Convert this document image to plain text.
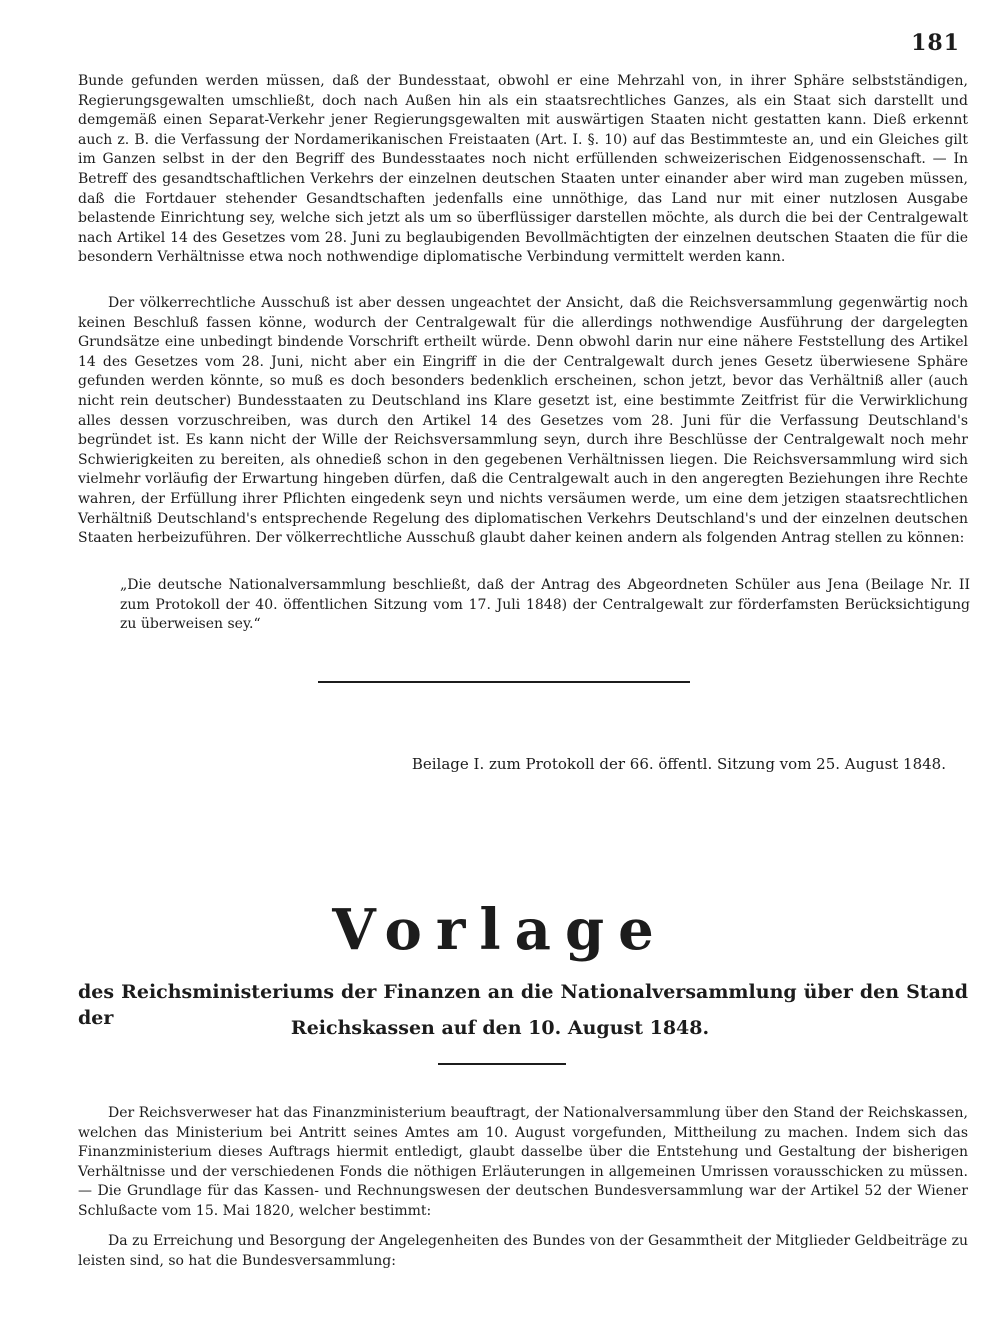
181

Bunde gefunden werden müssen, daß der Bundesstaat, obwohl er eine Mehrzahl von, in ihrer Sphäre selbstständigen, Regierungsgewalten umschließt, doch nach Außen hin als ein staatsrechtliches Ganzes, als ein Staat sich darstellt und demgemäß einen Separat-Verkehr jener Regierungsgewalten mit auswärtigen Staaten nicht gestatten kann. Dieß erkennt auch z. B. die Verfassung der Nordamerikanischen Freistaaten (Art. I. §. 10) auf das Bestimmteste an, und ein Gleiches gilt im Ganzen selbst in der den Begriff des Bundesstaates noch nicht erfüllenden schweizerischen Eidgenossenschaft. — In Betreff des gesandtschaftlichen Verkehrs der einzelnen deutschen Staaten unter einander aber wird man zugeben müssen, daß die Fortdauer stehender Gesandtschaften jedenfalls eine unnöthige, das Land nur mit einer nutzlosen Ausgabe belastende Einrichtung sey, welche sich jetzt als um so überflüssiger darstellen möchte, als durch die bei der Centralgewalt nach Artikel 14 des Gesetzes vom 28. Juni zu beglaubigenden Bevollmächtigten der einzelnen deutschen Staaten die für die besondern Verhältnisse etwa noch nothwendige diplomatische Verbindung vermittelt werden kann.

Der völkerrechtliche Ausschuß ist aber dessen ungeachtet der Ansicht, daß die Reichsversammlung gegenwärtig noch keinen Beschluß fassen könne, wodurch der Centralgewalt für die allerdings nothwendige Ausführung der dargelegten Grundsätze eine unbedingt bindende Vorschrift ertheilt würde. Denn obwohl darin nur eine nähere Feststellung des Artikel 14 des Gesetzes vom 28. Juni, nicht aber ein Eingriff in die der Centralgewalt durch jenes Gesetz überwiesene Sphäre gefunden werden könnte, so muß es doch besonders bedenklich erscheinen, schon jetzt, bevor das Verhältniß aller (auch nicht rein deutscher) Bundesstaaten zu Deutschland ins Klare gesetzt ist, eine bestimmte Zeitfrist für die Verwirklichung alles dessen vorzuschreiben, was durch den Artikel 14 des Gesetzes vom 28. Juni für die Verfassung Deutschland's begründet ist. Es kann nicht der Wille der Reichsversammlung seyn, durch ihre Beschlüsse der Centralgewalt noch mehr Schwierigkeiten zu bereiten, als ohnedieß schon in den gegebenen Verhältnissen liegen. Die Reichsversammlung wird sich vielmehr vorläufig der Erwartung hingeben dürfen, daß die Centralgewalt auch in den angeregten Beziehungen ihre Rechte wahren, der Erfüllung ihrer Pflichten eingedenk seyn und nichts versäumen werde, um eine dem jetzigen staatsrechtlichen Verhältniß Deutschland's entsprechende Regelung des diplomatischen Verkehrs Deutschland's und der einzelnen deutschen Staaten herbeizuführen. Der völkerrechtliche Ausschuß glaubt daher keinen andern als folgenden Antrag stellen zu können:

„Die deutsche Nationalversammlung beschließt, daß der Antrag des Abgeordneten Schüler aus Jena (Beilage Nr. II zum Protokoll der 40. öffentlichen Sitzung vom 17. Juli 1848) der Centralgewalt zur förderfamsten Berücksichtigung zu überweisen sey.“

Beilage I. zum Protokoll der 66. öffentl. Sitzung vom 25. August 1848.
Vorlage

des Reichsministeriums der Finanzen an die Nationalversammlung über den Stand der	Reichskassen auf den 10. August 1848.

Der Reichsverweser hat das Finanzministerium beauftragt, der Nationalversammlung über den Stand der Reichskassen, welchen das Ministerium bei Antritt seines Amtes am 10. August vorgefunden, Mittheilung zu machen. Indem sich das Finanzministerium dieses Auftrags hiermit entledigt, glaubt dasselbe über die Entstehung und Gestaltung der bisherigen Verhältnisse und der verschiedenen Fonds die nöthigen Erläuterungen in allgemeinen Umrissen vorausschicken zu müssen. — Die Grundlage für das Kassen- und Rechnungswesen der deutschen Bundesversammlung war der Artikel 52 der Wiener Schlußacte vom 15. Mai 1820, welcher bestimmt:

Da zu Erreichung und Besorgung der Angelegenheiten des Bundes von der Gesammtheit der Mitglieder Geldbeiträge zu leisten sind, so hat die Bundesversammlung:
